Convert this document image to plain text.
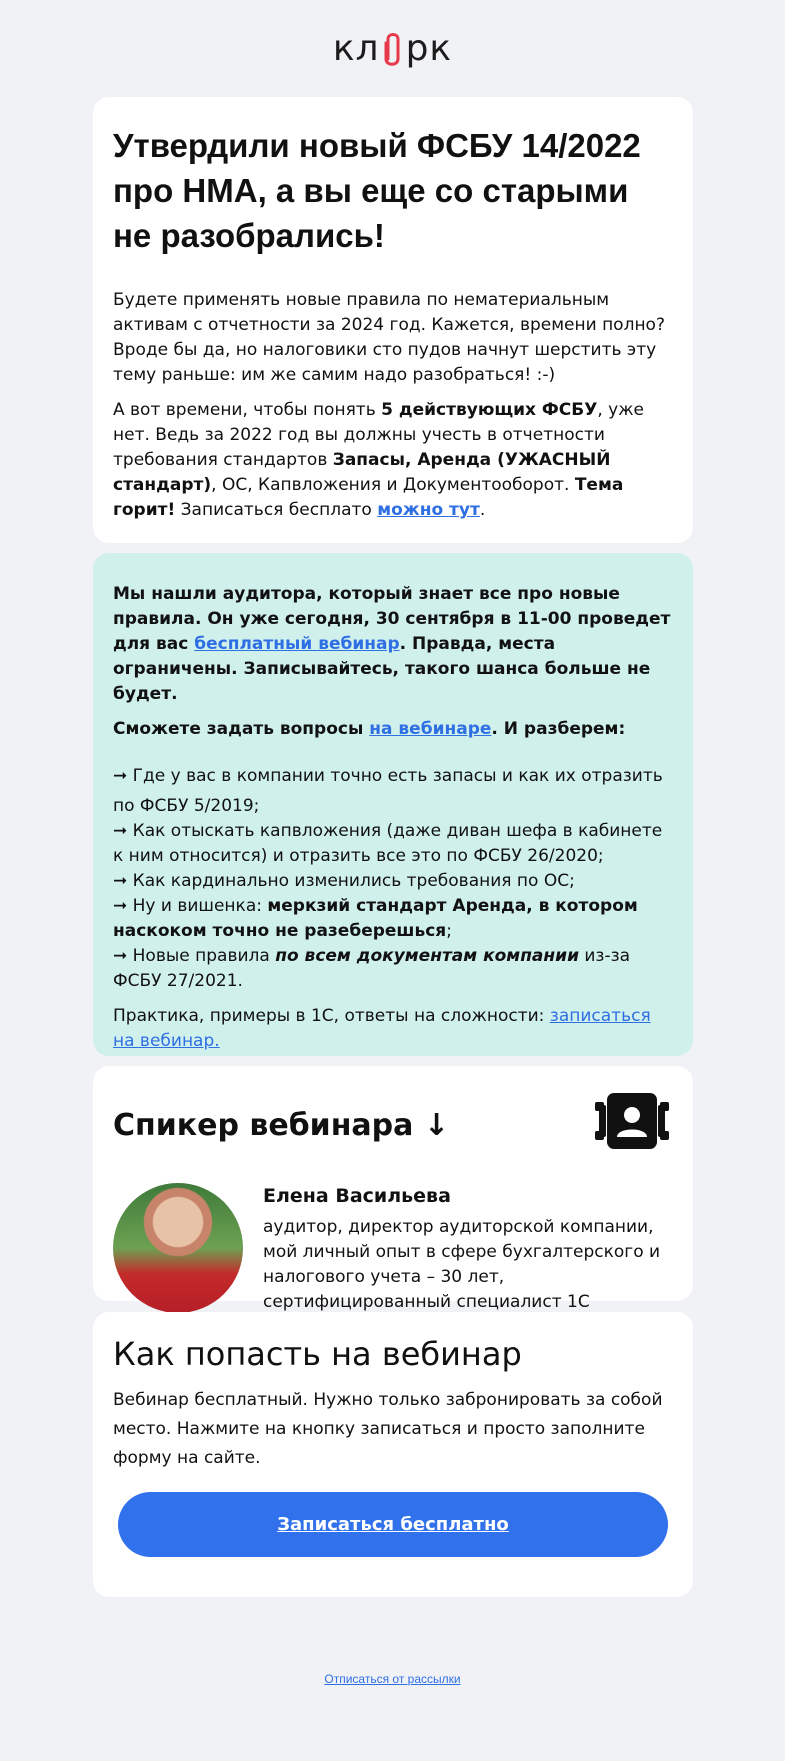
кл рк
Утвердили новый ФСБУ 14/2022 про НМА, а вы еще со старыми не разобрались!

Будете применять новые правила по нематериальным активам с отчетности за 2024 год. Кажется, времени полно? Вроде бы да, но налоговики сто пудов начнут шерстить эту тему раньше: им же самим надо разобраться! :-)

А вот времени, чтобы понять 5 действующих ФСБУ, уже нет. Ведь за 2022 год вы должны учесть в отчетности требования стандартов Запасы, Аренда (УЖАСНЫЙ стандарт), ОС, Капвложения и Документооборот. Тема горит! Записаться бесплато можно тут.

Мы нашли аудитора, который знает все про новые правила. Он уже сегодня, 30 сентября в 11-00 проведет для вас бесплатный вебинар. Правда, места ограничены. Записывайтесь, такого шанса больше не будет.

Сможете задать вопросы на вебинаре. И разберем:

➞ Где у вас в компании точно есть запасы и как их отразить

по ФСБУ 5/2019;

➞ Как отыскать капвложения (даже диван шефа в кабинете к ним относится) и отразить все это по ФСБУ 26/2020;

➞ Как кардинально изменились требования по ОС;

➞ Ну и вишенка: меркзий стандарт Аренда, в котором наскоком точно не разеберешься;

➞ Новые правила по всем документам компании из-за ФСБУ 27/2021.

Практика, примеры в 1С, ответы на сложности: записаться на вебинар.

Спикер вебинара ↓
Елена Васильева
аудитор, директор аудиторской компании, мой личный опыт в сфере бухгалтерского и налогового учета – 30 лет, сертифицированный специалист 1С
Как попасть на вебинар

Вебинар бесплатный. Нужно только забронировать за собой место. Нажмите на кнопку записаться и просто заполните форму на сайте.

Записаться бесплатно
Отписаться от рассылки
